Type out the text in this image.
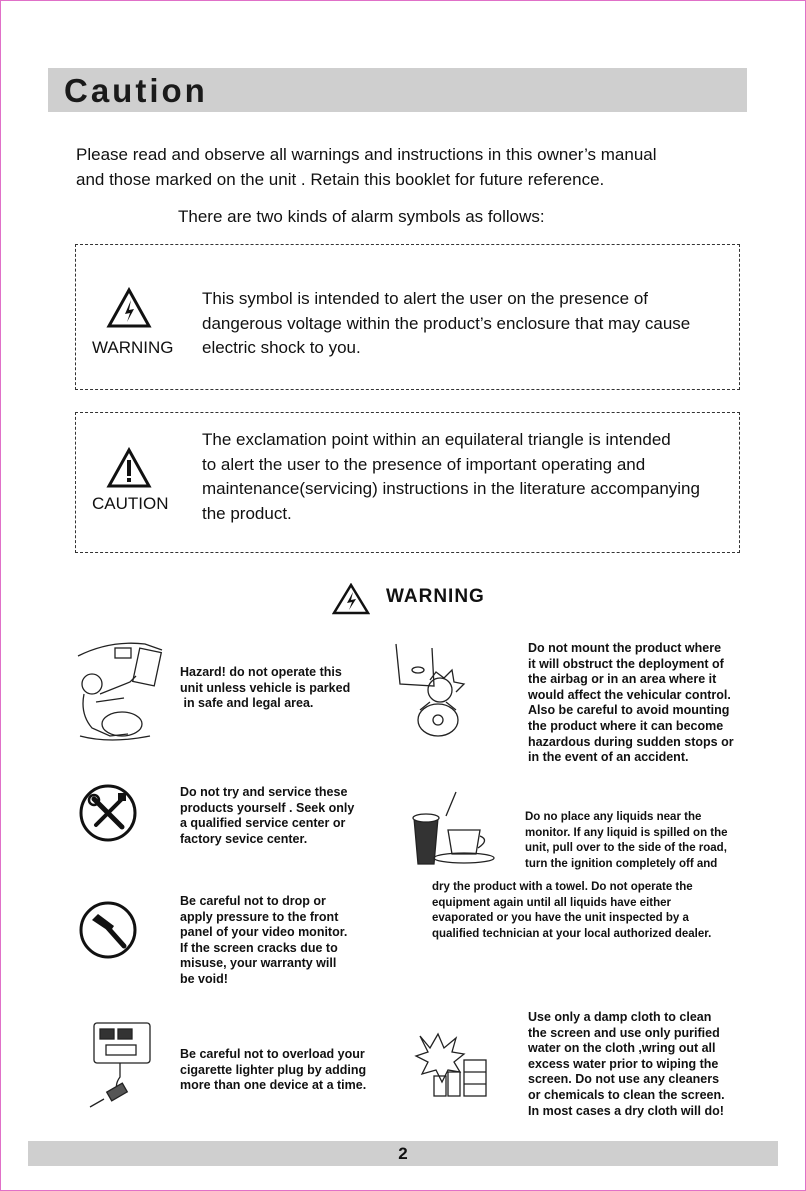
Caution
Please read and observe all warnings and instructions in this owner’s manual
and those marked on the unit . Retain this booklet for future reference.
There are two kinds of alarm symbols as follows:
WARNING
This symbol is intended to alert the user on the presence of
dangerous voltage within the product’s enclosure that may cause
electric shock to you.
CAUTION
The exclamation point within an equilateral triangle is intended
to alert the user to the presence of important operating and
maintenance(servicing) instructions in the literature accompanying
the product.
WARNING
Hazard! do not operate this
unit unless vehicle is parked
in safe and legal area.
Do not mount the product where
it will obstruct the deployment of
the airbag or in an area where it
would affect the vehicular control.
Also be careful to avoid mounting
the product where it can become
hazardous during sudden stops or
in the event of an accident.
Do not try and service these
products yourself . Seek only
a qualified service center or
factory sevice center.
Do no place any liquids near the
monitor. If any liquid is spilled on the
unit, pull over to the side of the road,
turn the ignition completely off and
dry the product with a towel. Do not operate the
equipment again until all liquids have either
evaporated or you have the unit inspected by a
qualified technician at your local authorized dealer.
Be careful not to drop or
apply pressure to the front
panel of your video monitor.
If the screen cracks due to
misuse, your warranty will
be void!
Be careful not to overload your
cigarette lighter plug by adding
more than one device at a time.
Use only a damp cloth to clean
the screen and use only purified
water on the cloth ,wring out all
excess water prior to wiping the
screen. Do not use any cleaners
or chemicals to clean the screen.
In most cases a dry cloth will do!
2
